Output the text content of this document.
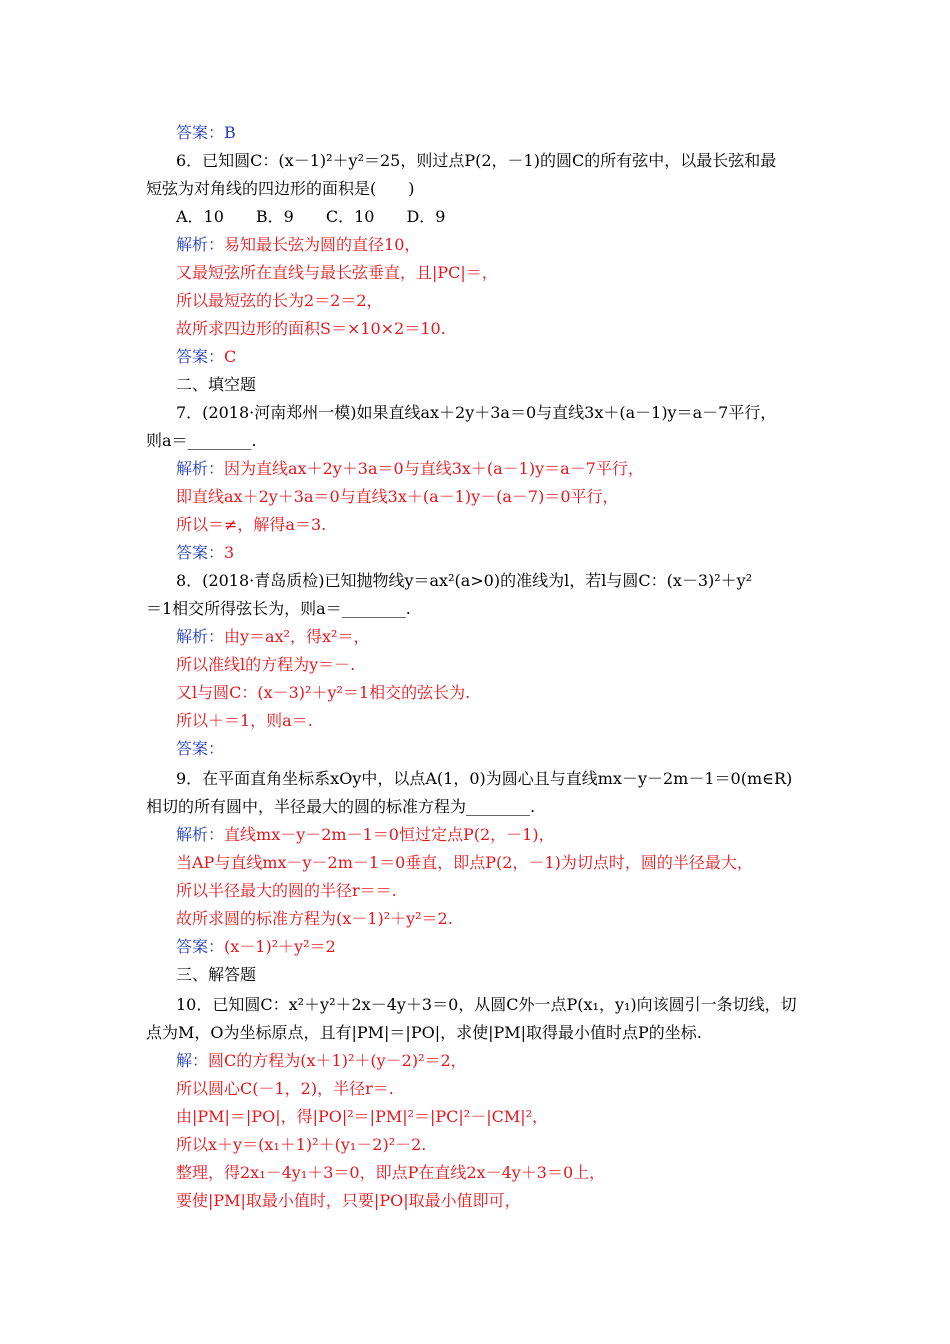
答案：B
6．已知圆C：(x－1)²＋y²＝25，则过点P(2，－1)的圆C的所有弦中，以最长弦和最
短弦为对角线的四边形的面积是(　　)
A．10　　B．9　　C．10　　D．9
解析：易知最长弦为圆的直径10，
又最短弦所在直线与最长弦垂直，且|PC|＝，
所以最短弦的长为2＝2＝2，
故所求四边形的面积S＝×10×2＝10.
答案：C
二、填空题
7．(2018·河南郑州一模)如果直线ax＋2y＋3a＝0与直线3x＋(a－1)y＝a－7平行，
则a＝________.
解析：因为直线ax＋2y＋3a＝0与直线3x＋(a－1)y＝a－7平行，
即直线ax＋2y＋3a＝0与直线3x＋(a－1)y－(a－7)＝0平行，
所以＝≠，解得a＝3.
答案：3
8．(2018·青岛质检)已知抛物线y＝ax²(a>0)的准线为l，若l与圆C：(x－3)²＋y²
＝1相交所得弦长为，则a＝________.
解析：由y＝ax²，得x²＝，
所以准线l的方程为y＝－.
又l与圆C：(x－3)²＋y²＝1相交的弦长为.
所以＋＝1，则a＝.
答案：
9．在平面直角坐标系xOy中，以点A(1，0)为圆心且与直线mx－y－2m－1＝0(m∈R)
相切的所有圆中，半径最大的圆的标准方程为________.
解析：直线mx－y－2m－1＝0恒过定点P(2，－1)，
当AP与直线mx－y－2m－1＝0垂直，即点P(2，－1)为切点时，圆的半径最大，
所以半径最大的圆的半径r＝＝.
故所求圆的标准方程为(x－1)²＋y²＝2.
答案：(x－1)²＋y²＝2
三、解答题
10．已知圆C：x²＋y²＋2x－4y＋3＝0，从圆C外一点P(x₁，y₁)向该圆引一条切线，切
点为M，O为坐标原点，且有|PM|＝|PO|，求使|PM|取得最小值时点P的坐标.
解：圆C的方程为(x＋1)²＋(y－2)²＝2，
所以圆心C(－1，2)，半径r＝.
由|PM|＝|PO|，得|PO|²＝|PM|²＝|PC|²－|CM|²，
所以x＋y＝(x₁＋1)²＋(y₁－2)²－2.
整理，得2x₁－4y₁＋3＝0，即点P在直线2x－4y＋3＝0上，
要使|PM|取最小值时，只要|PO|取最小值即可，
